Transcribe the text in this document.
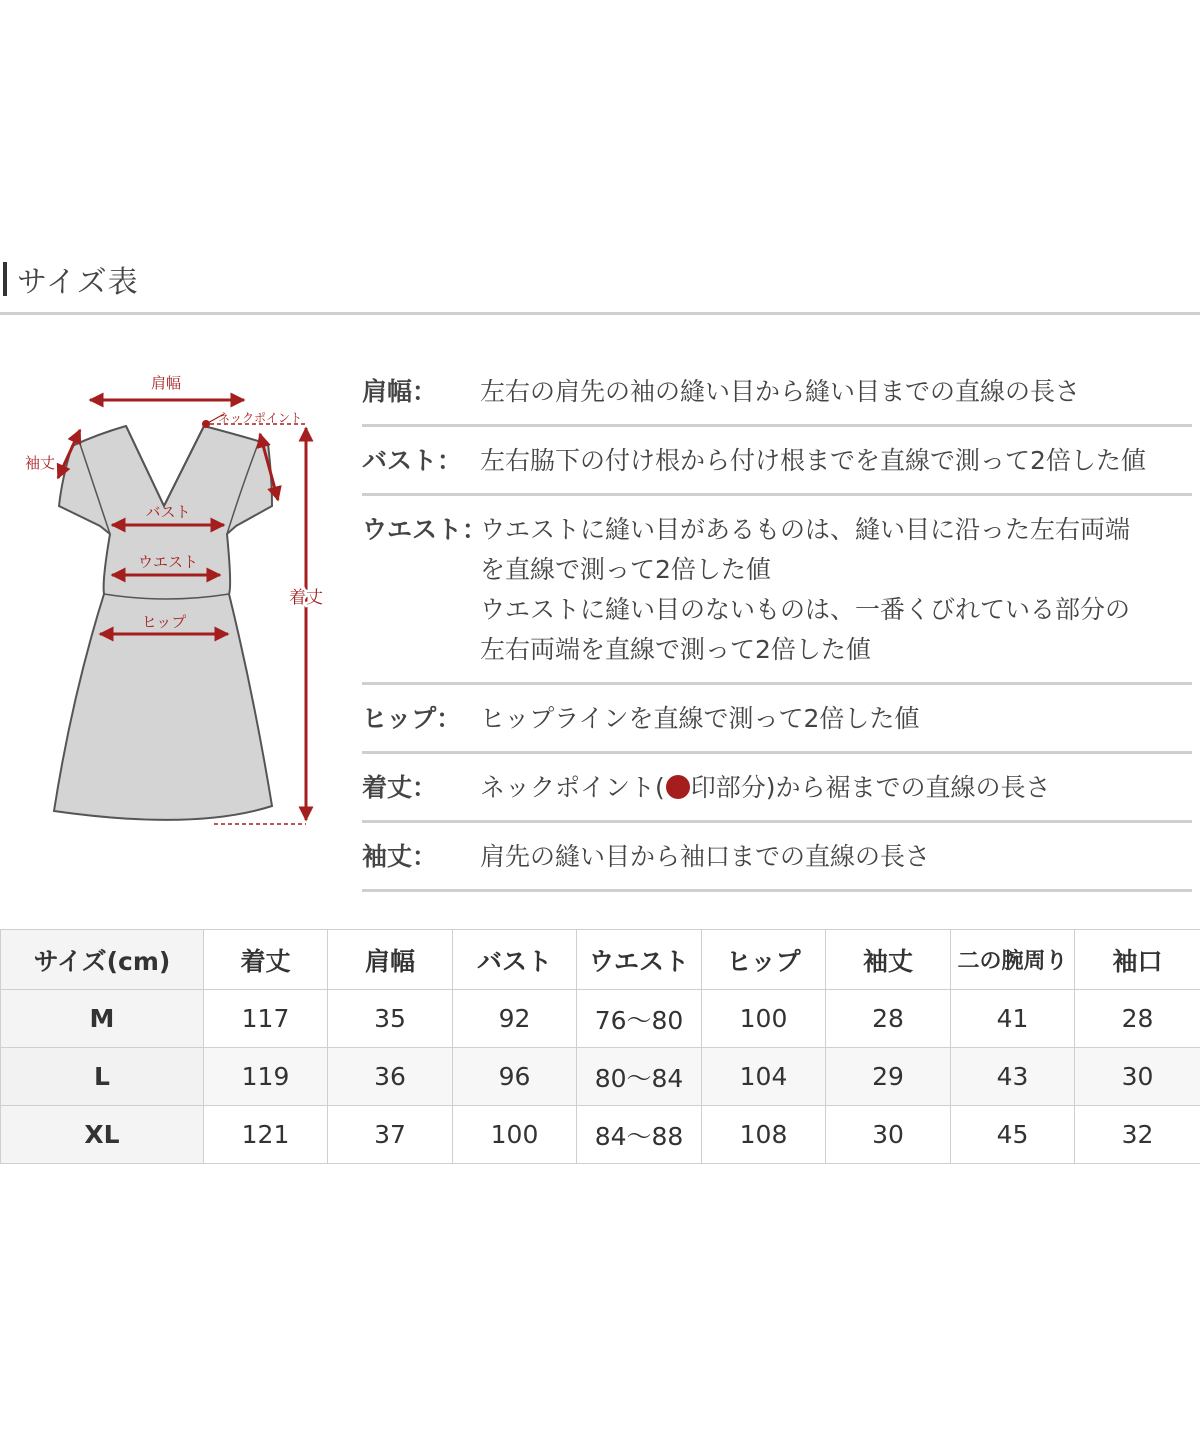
サイズ表
肩幅
ネックポイント
袖丈
バスト
ウエスト
ヒップ
着丈
肩幅：	左右の肩先の袖の縫い目から縫い目までの直線の長さ
バスト： 左右脇下の付け根から付け根までを直線で測って2倍した値
ウエスト：
ウエストに縫い目があるものは、縫い目に沿った左右両端
を直線で測って2倍した値
ウエストに縫い目のないものは、一番くびれている部分の
左右両端を直線で測って2倍した値
ヒップ： ヒップラインを直線で測って2倍した値
着丈：	ネックポイント( 印部分)から裾までの直線の長さ
袖丈：	肩先の縫い目から袖口までの直線の長さ
サイズ(cm)	着丈	肩幅	バスト	ウエスト	ヒップ	袖丈	二の腕周り	袖口
M	117	35	92	76～80	100	28	41	28
L	119	36	96	80～84	104	29	43	30
XL	121	37	100	84～88	108	30	45	32
